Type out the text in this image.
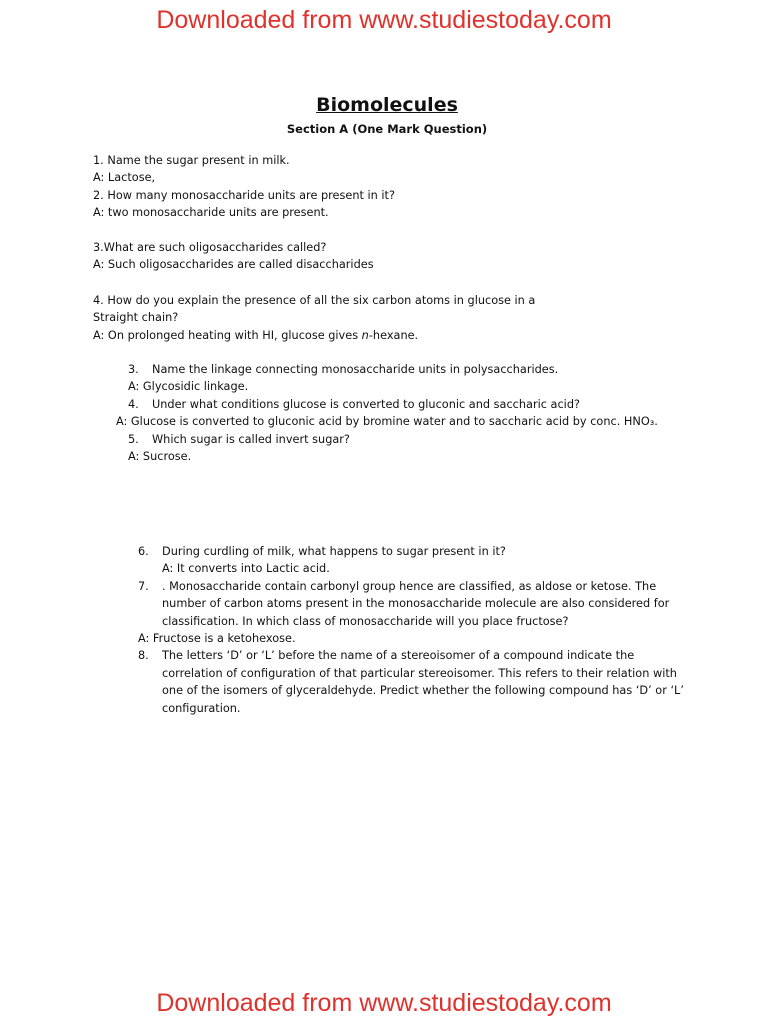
Downloaded from www.studiestoday.com
Biomolecules
Section A (One Mark Question)
1. Name the sugar present in milk.
A: Lactose,
2. How many monosaccharide units are present in it?
A: two monosaccharide units are present.
3.What are such oligosaccharides called?
A: Such oligosaccharides are called disaccharides
4. How do you explain the presence of all the six carbon atoms in glucose in a
Straight chain?
A: On prolonged heating with HI, glucose gives n-hexane.
3. Name the linkage connecting monosaccharide units in polysaccharides.
A: Glycosidic linkage.
4. Under what conditions glucose is converted to gluconic and saccharic acid?
A: Glucose is converted to gluconic acid by bromine water and to saccharic acid by conc. HNO₃.
5. Which sugar is called invert sugar?
A: Sucrose.
6. During curdling of milk, what happens to sugar present in it?
A: It converts into Lactic acid.
7. . Monosaccharide contain carbonyl group hence are classified, as aldose or ketose. The
number of carbon atoms present in the monosaccharide molecule are also considered for
classification. In which class of monosaccharide will you place fructose?
A: Fructose is a ketohexose.
8. The letters ‘D’ or ‘L’ before the name of a stereoisomer of a compound indicate the
correlation of configuration of that particular stereoisomer. This refers to their relation with
one of the isomers of glyceraldehyde. Predict whether the following compound has ‘D’ or ‘L’
configuration.
Downloaded from www.studiestoday.com
